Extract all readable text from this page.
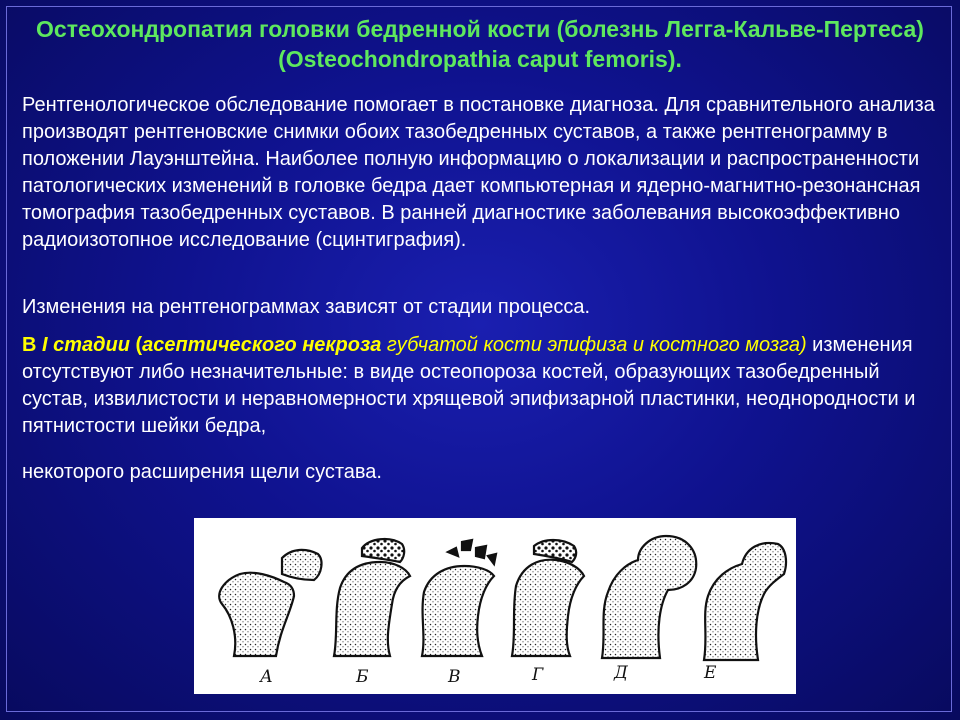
Остеохондропатия головки бедренной кости (болезнь Легга-Кальве-Пертеса) (Osteochondropathia caput femoris).
Рентгенологическое обследование помогает в постановке диагноза. Для сравнительного анализа производят рентгеновские снимки обоих тазобедренных суставов, а также рентгенограмму в положении Лауэнштейна. Наиболее полную информацию о локализации и распространенности патологических изменений в головке бедра дает компьютерная и ядерно-магнитно-резонансная томография тазобедренных суставов. В ранней диагностике заболевания высокоэффективно радиоизотопное исследование (сцинтиграфия).
Изменения на рентгенограммах зависят от стадии процесса.
В I стадии (асептического некроза губчатой кости эпифиза и костного мозга) изменения отсутствуют либо незначительные: в виде остеопороза костей, образующих тазобедренный сустав, извилистости и неравномерности хрящевой эпифизарной пластинки, неоднородности и пятнистости шейки бедра,
некоторого расширения щели сустава.
А	Б	В	Г	Д	Е
